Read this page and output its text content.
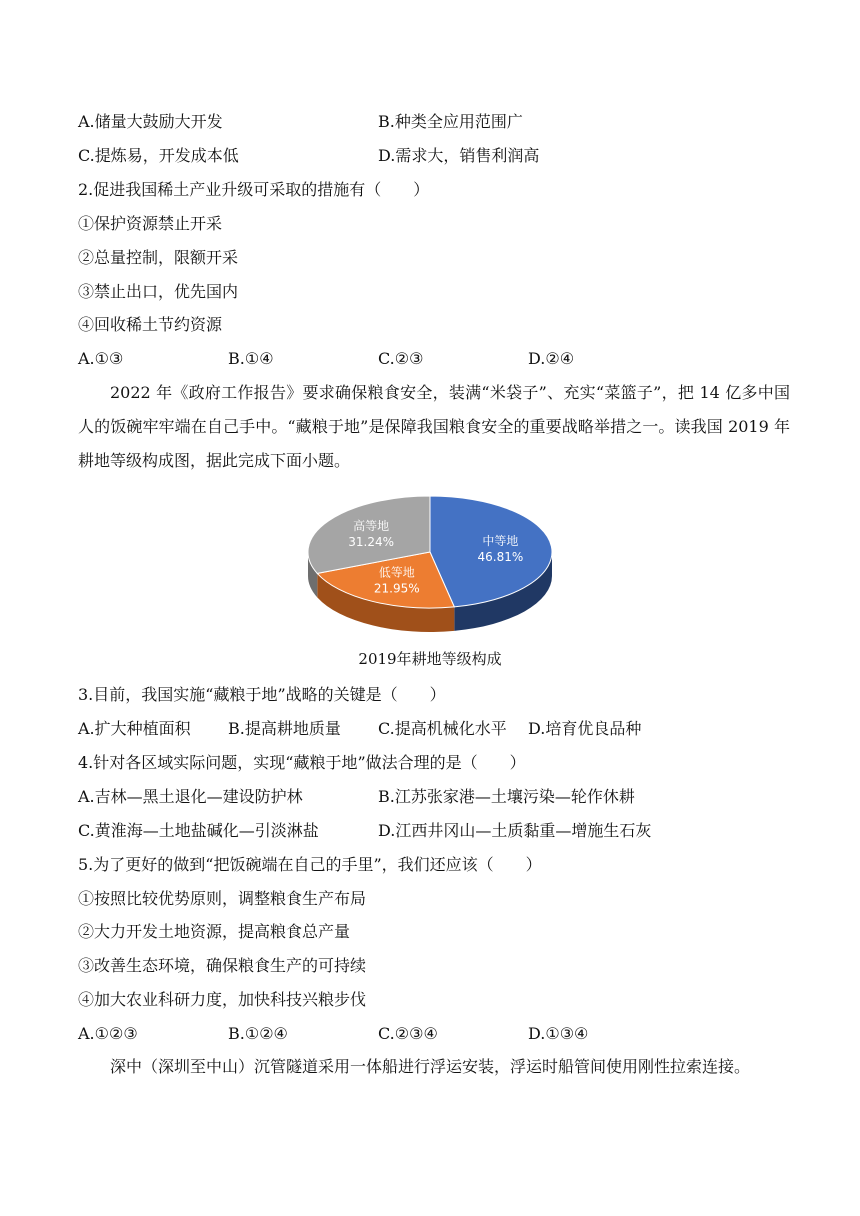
A.储量大鼓励大开发	B.种类全应用范围广
C.提炼易，开发成本低	D.需求大，销售利润高
2.促进我国稀土产业升级可采取的措施有（　　）
①保护资源禁止开采
②总量控制，限额开采
③禁止出口，优先国内
④回收稀土节约资源
A.①③	B.①④	C.②③	D.②④
2022 年《政府工作报告》要求确保粮食安全，装满“米袋子”、充实“菜篮子”，把 14 亿多中国人的饭碗牢牢端在自己手中。“藏粮于地”是保障我国粮食安全的重要战略举措之一。读我国 2019 年耕地等级构成图，据此完成下面小题。
中等地
46.81%
低等地
21.95%
高等地
31.24%
2019年耕地等级构成
3.目前，我国实施“藏粮于地”战略的关键是（　　）
A.扩大种植面积 B.提高耕地质量 C.提高机械化水平 D.培育优良品种
4.针对各区域实际问题，实现“藏粮于地”做法合理的是（　　）
A.吉林—黑土退化—建设防护林	B.江苏张家港—土壤污染—轮作休耕
C.黄淮海—土地盐碱化—引淡淋盐	D.江西井冈山—土质黏重—增施生石灰
5.为了更好的做到“把饭碗端在自己的手里”，我们还应该（　　）
①按照比较优势原则，调整粮食生产布局
②大力开发土地资源，提高粮食总产量
③改善生态环境，确保粮食生产的可持续
④加大农业科研力度，加快科技兴粮步伐
A.①②③	B.①②④	C.②③④	D.①③④
深中（深圳至中山）沉管隧道采用一体船进行浮运安装，浮运时船管间使用刚性拉索连接。
